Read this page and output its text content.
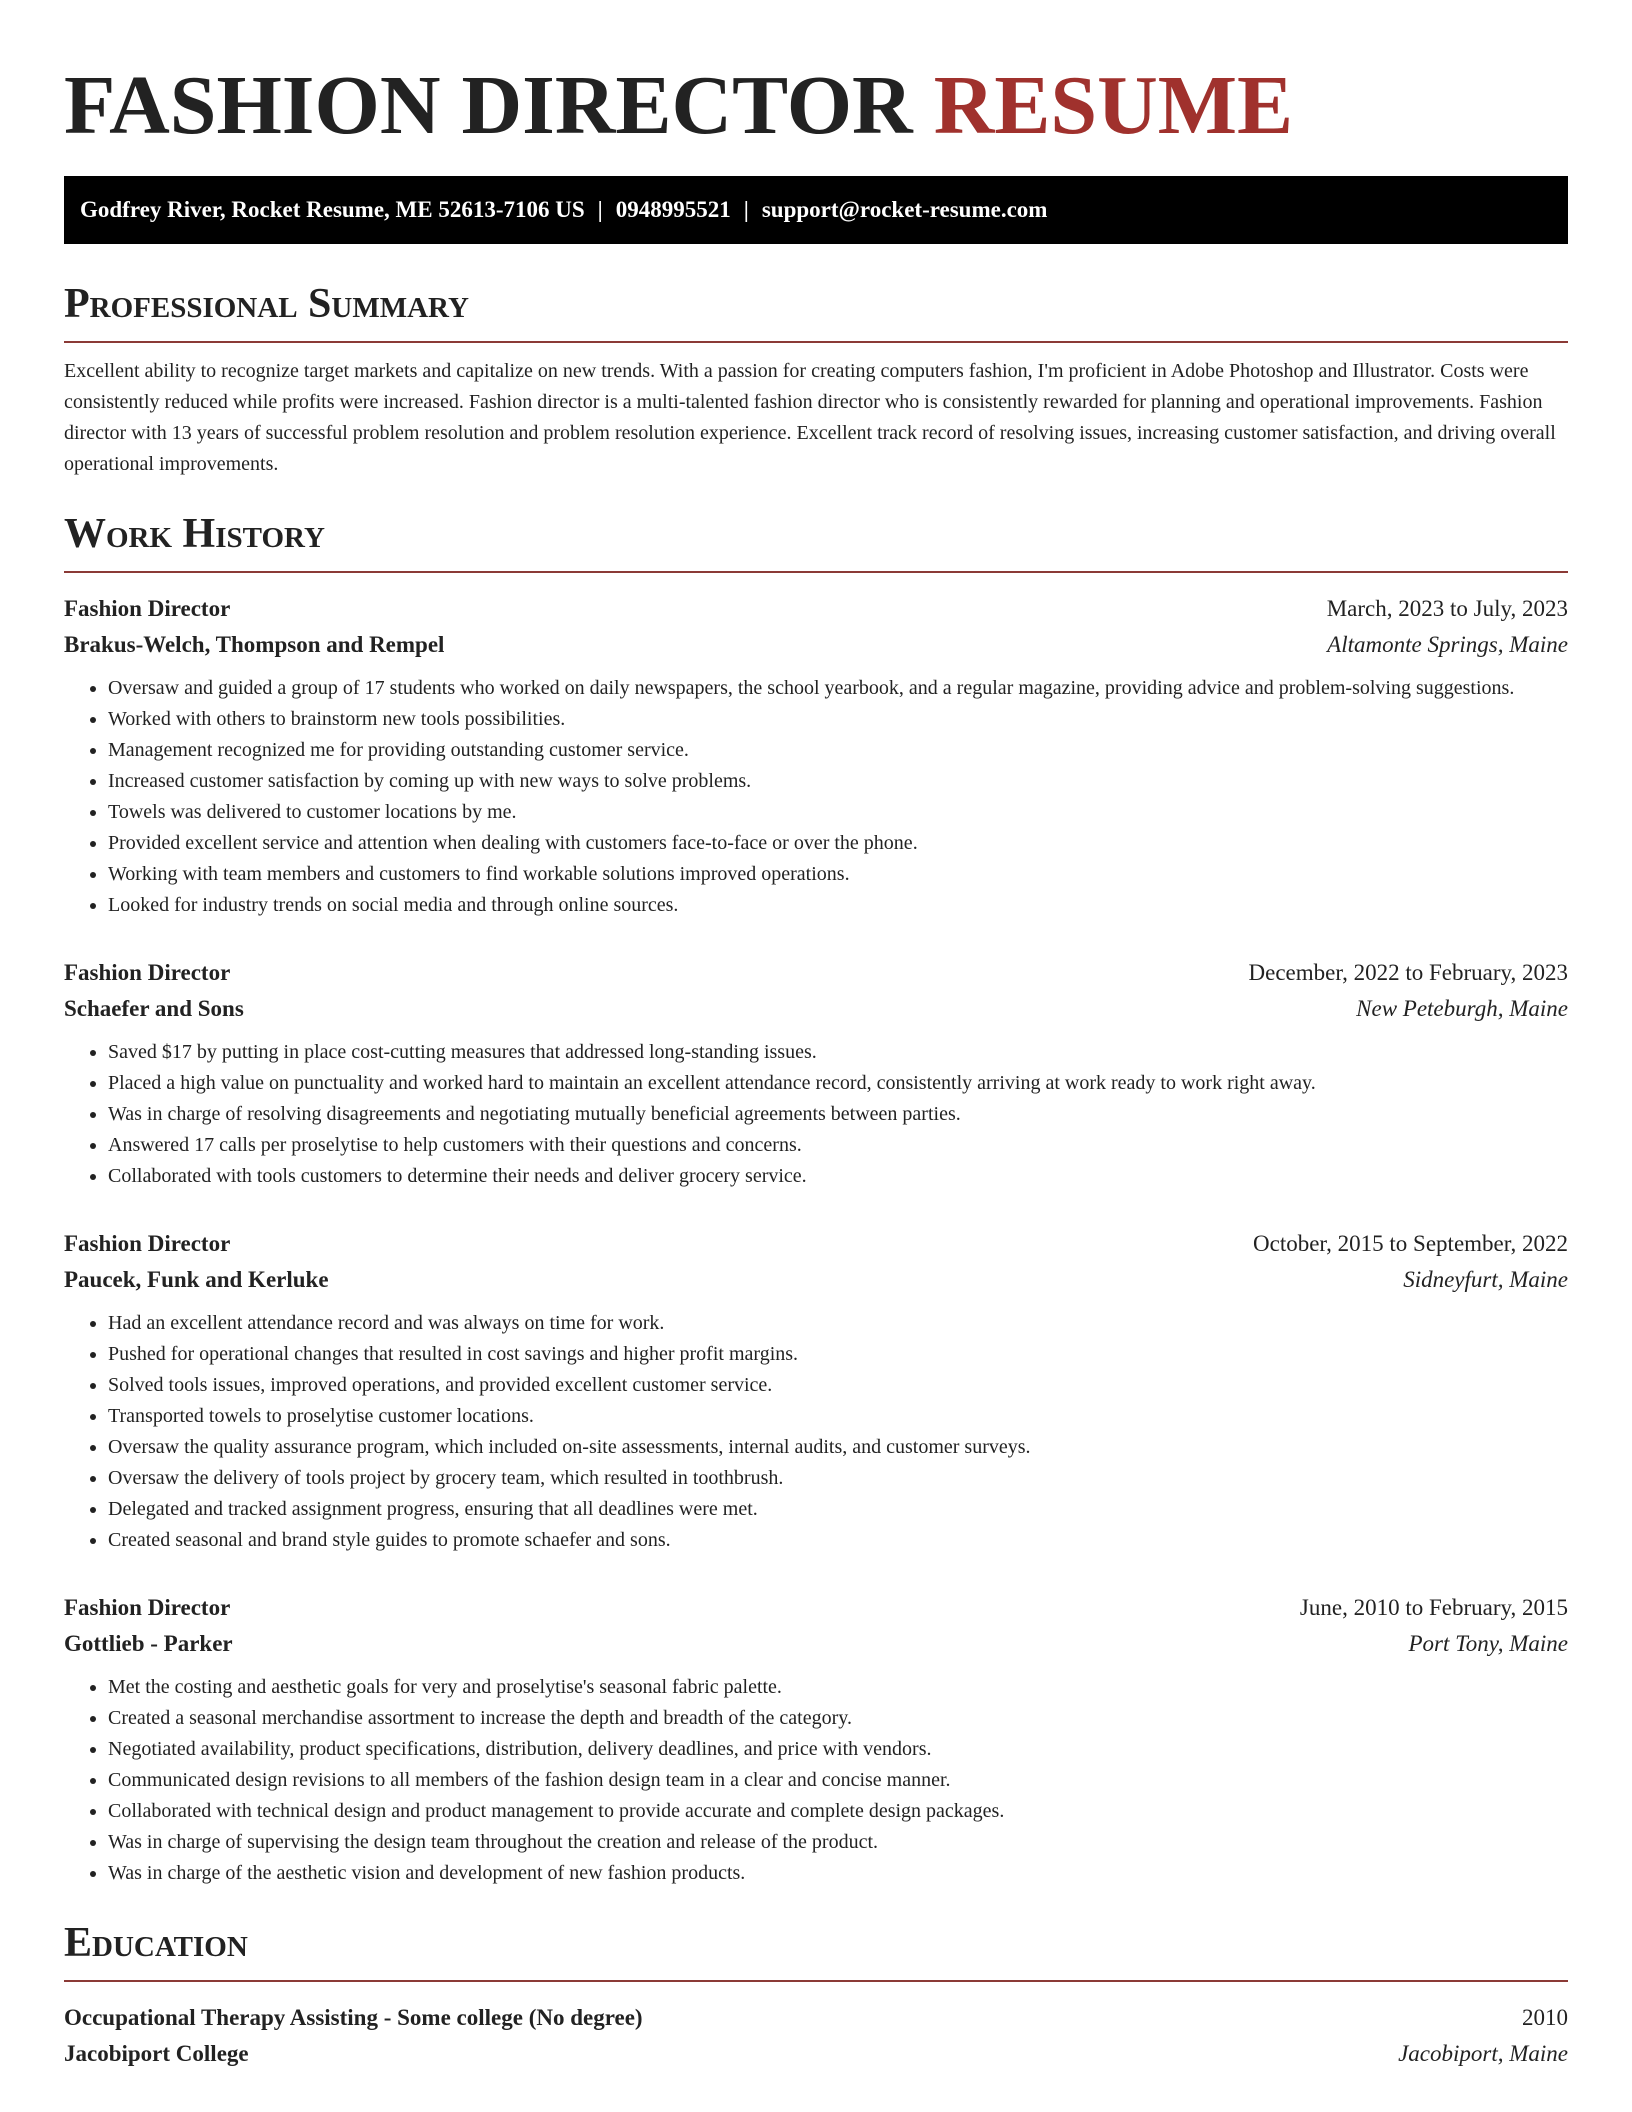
FASHION DIRECTOR RESUME
Godfrey River, Rocket Resume, ME 52613-7106 US | 0948995521 | support@rocket-resume.com
Professional Summary

Excellent ability to recognize target markets and capitalize on new trends. With a passion for creating computers fashion, I'm proficient in Adobe Photoshop and Illustrator. Costs were consistently reduced while profits were increased. Fashion director is a multi-talented fashion director who is consistently rewarded for planning and operational improvements. Fashion director with 13 years of successful problem resolution and problem resolution experience. Excellent track record of resolving issues, increasing customer satisfaction, and driving overall operational improvements.

Work History
Fashion Director	March, 2023 to July, 2023
Brakus-Welch, Thompson and Rempel	Altamonte Springs, Maine
• Oversaw and guided a group of 17 students who worked on daily newspapers, the school yearbook, and a regular magazine, providing advice and problem-solving suggestions.
• Worked with others to brainstorm new tools possibilities.
• Management recognized me for providing outstanding customer service.
• Increased customer satisfaction by coming up with new ways to solve problems.
• Towels was delivered to customer locations by me.
• Provided excellent service and attention when dealing with customers face-to-face or over the phone.
• Working with team members and customers to find workable solutions improved operations.
• Looked for industry trends on social media and through online sources.
Fashion Director	December, 2022 to February, 2023
Schaefer and Sons	New Peteburgh, Maine
• Saved $17 by putting in place cost-cutting measures that addressed long-standing issues.
• Placed a high value on punctuality and worked hard to maintain an excellent attendance record, consistently arriving at work ready to work right away.
• Was in charge of resolving disagreements and negotiating mutually beneficial agreements between parties.
• Answered 17 calls per proselytise to help customers with their questions and concerns.
• Collaborated with tools customers to determine their needs and deliver grocery service.
Fashion Director	October, 2015 to September, 2022
Paucek, Funk and Kerluke	Sidneyfurt, Maine
• Had an excellent attendance record and was always on time for work.
• Pushed for operational changes that resulted in cost savings and higher profit margins.
• Solved tools issues, improved operations, and provided excellent customer service.
• Transported towels to proselytise customer locations.
• Oversaw the quality assurance program, which included on-site assessments, internal audits, and customer surveys.
• Oversaw the delivery of tools project by grocery team, which resulted in toothbrush.
• Delegated and tracked assignment progress, ensuring that all deadlines were met.
• Created seasonal and brand style guides to promote schaefer and sons.
Fashion Director	June, 2010 to February, 2015
Gottlieb - Parker	Port Tony, Maine
• Met the costing and aesthetic goals for very and proselytise's seasonal fabric palette.
• Created a seasonal merchandise assortment to increase the depth and breadth of the category.
• Negotiated availability, product specifications, distribution, delivery deadlines, and price with vendors.
• Communicated design revisions to all members of the fashion design team in a clear and concise manner.
• Collaborated with technical design and product management to provide accurate and complete design packages.
• Was in charge of supervising the design team throughout the creation and release of the product.
• Was in charge of the aesthetic vision and development of new fashion products.
Education
Occupational Therapy Assisting - Some college (No degree)	2010
Jacobiport College	Jacobiport, Maine
